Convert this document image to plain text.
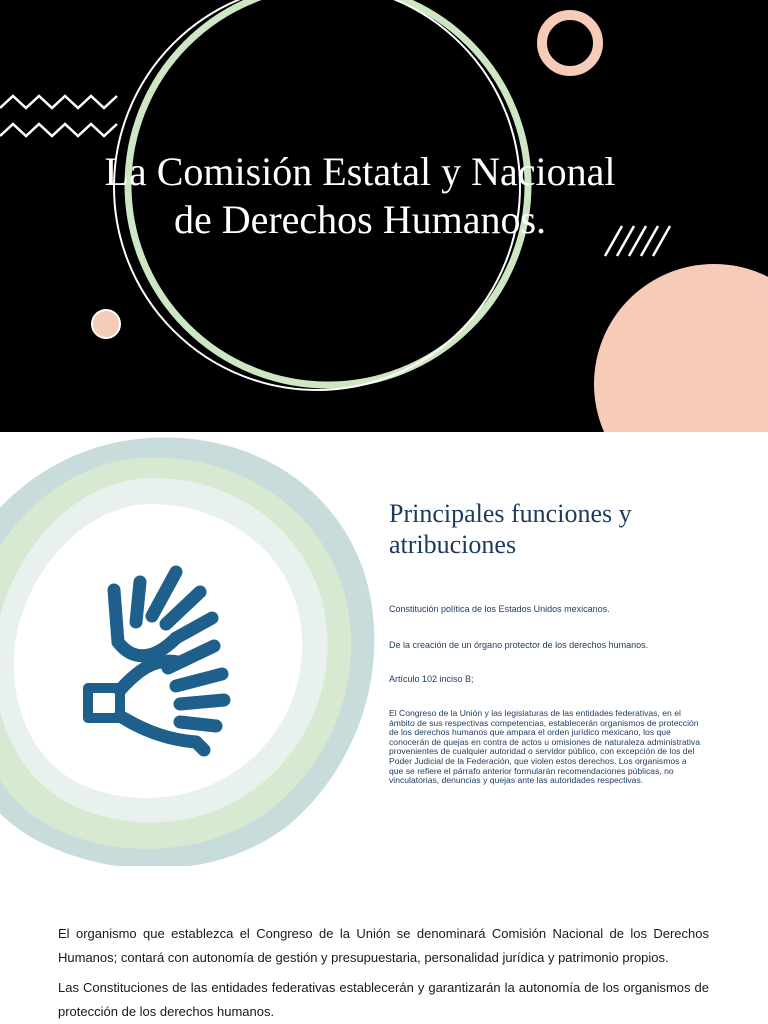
La Comisión Estatal y Nacional
de Derechos Humanos.
Principales funciones y
atribuciones

Constitución política de los Estados Unidos mexicanos.

De la creación de un órgano protector de los derechos humanos.

Artículo 102 inciso B;

El Congreso de la Unión y las legislaturas de las entidades federativas, en el ámbito de sus respectivas competencias, establecerán organismos de protección de los derechos humanos que ampara el orden jurídico mexicano, los que conocerán de quejas en contra de actos u omisiones de naturaleza administrativa provenientes de cualquier autoridad o servidor público, con excepción de los del Poder Judicial de la Federación, que violen estos derechos. Los organismos a que se refiere el párrafo anterior formularán recomendaciones públicas, no vinculatorias, denuncias y quejas ante las autoridades respectivas.

El organismo que establezca el Congreso de la Unión se denominará Comisión Nacional de los Derechos Humanos; contará con autonomía de gestión y presupuestaria, personalidad jurídica y patrimonio propios.

Las Constituciones de las entidades federativas establecerán y garantizarán la autonomía de los organismos de protección de los derechos humanos.
